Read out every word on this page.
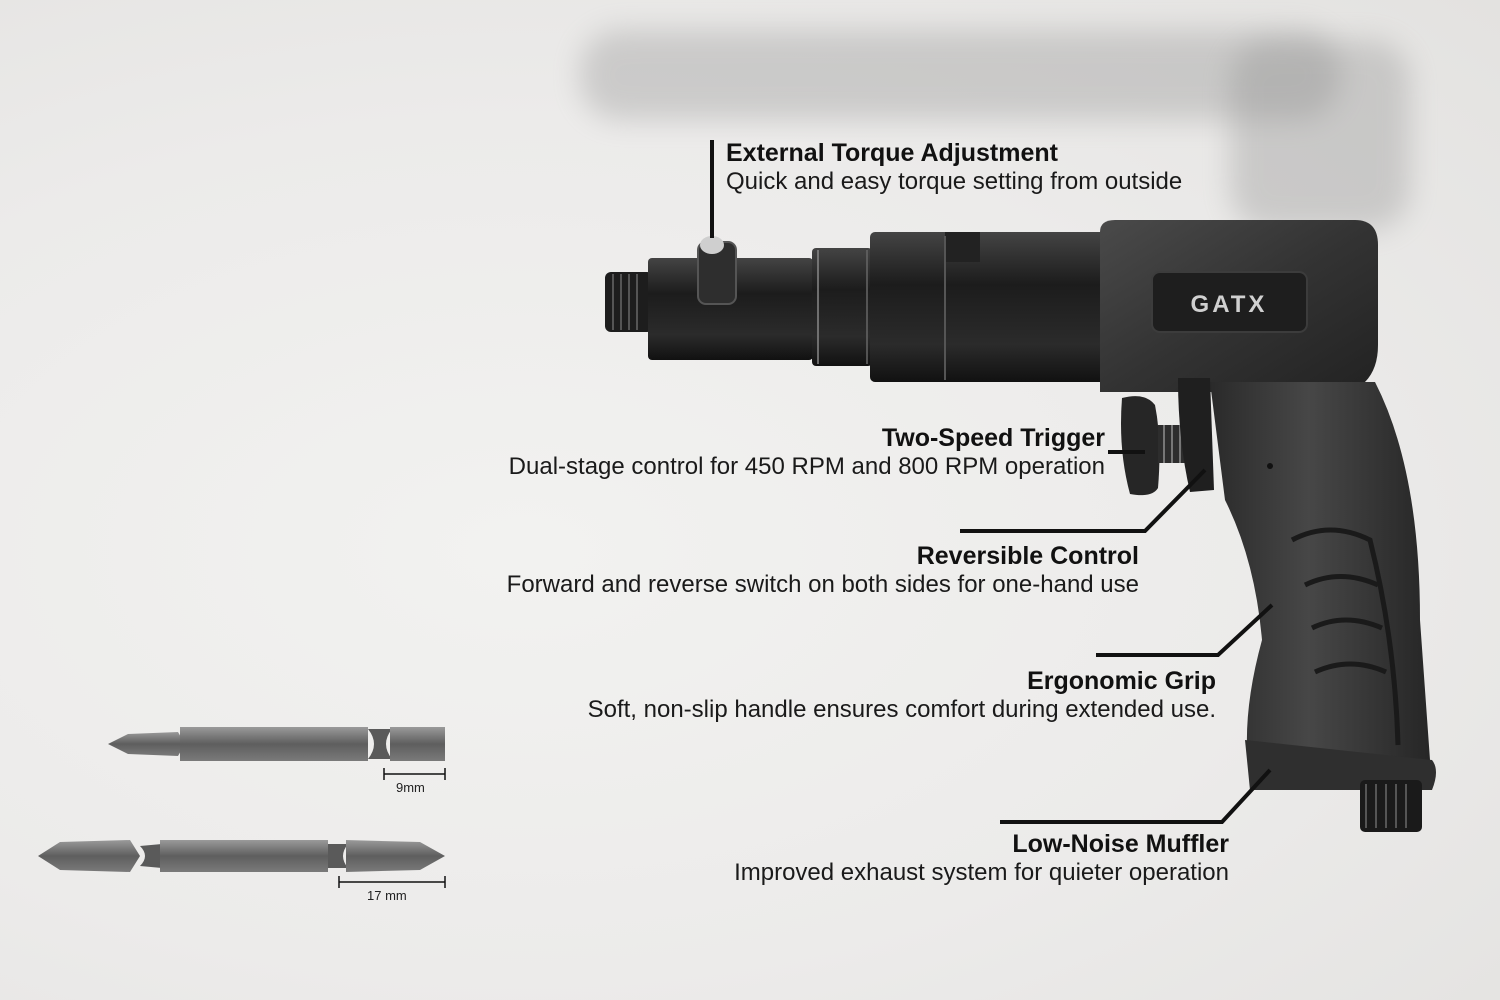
GATX
External Torque Adjustment
Quick and easy torque setting from outside
Two-Speed Trigger
Dual-stage control for 450 RPM and 800 RPM operation
Reversible Control
Forward and reverse switch on both sides for one-hand use
Ergonomic Grip
Soft, non-slip handle ensures comfort during extended use.
Low-Noise Muffler
Improved exhaust system for quieter operation
9mm
17 mm
